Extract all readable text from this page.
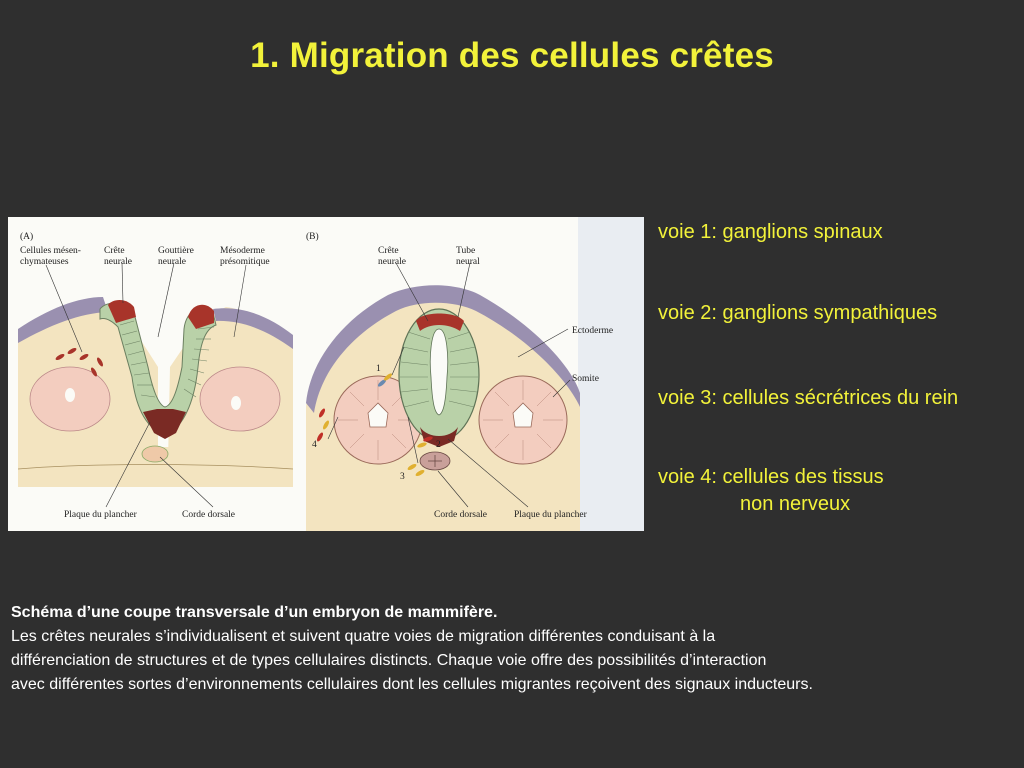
1. Migration des cellules crêtes
(A)
Cellules mésen-
chymateuses
Crête
neurale
Gouttière
neurale
Mésoderme
présomitique
Plaque du plancher	Corde dorsale
(B)
Crête
neurale
Tube
neural
Ectoderme
Somite
Corde dorsale	Plaque du plancher
1
2
3
4
voie 1: ganglions spinaux
voie 2: ganglions sympathiques
voie 3: cellules sécrétrices du rein
voie 4: cellules des tissus
non nerveux
Schéma d’une coupe transversale d’un embryon de mammifère.
Les crêtes neurales s’individualisent et suivent quatre voies de migration différentes conduisant à la
différenciation de structures et de types cellulaires distincts. Chaque voie offre des possibilités d’interaction
avec différentes sortes d’environnements cellulaires dont les cellules migrantes reçoivent des signaux inducteurs.
